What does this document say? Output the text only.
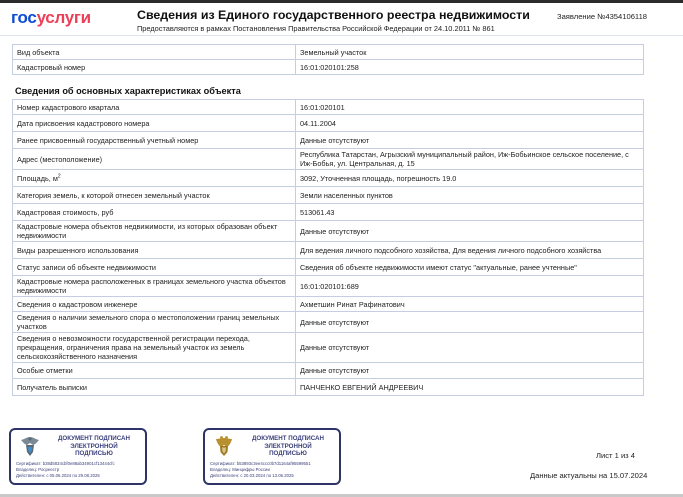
госуслуги	Сведения из Единого государственного реестра недвижимости
Предоставляются в рамках Постановления Правительства Российской Федерации от 24.10.2011 № 861
Заявление №4354106118
Вид объекта	Земельный участок
Кадастровый номер	16:01:020101:258
Сведения об основных характеристиках объекта
Номер кадастрового квартала	16:01:020101
Дата присвоения кадастрового номера	04.11.2004
Ранее присвоенный государственный учетный номер	Данные отсутствуют
Адрес (местоположение)	Республика Татарстан, Агрызский муниципальный район, Иж-Бобьинское сельское поселение, с Иж-Бобья, ул. Центральная, д. 15
Площадь, $м^2$	3092, Уточненная площадь, погрешность 19.0
Категория земель, к которой отнесен земельный участок	Земли населенных пунктов
Кадастровая стоимость, руб	513061.43
Кадастровые номера объектов недвижимости, из которых образован объект недвижимости	Данные отсутствуют
Виды разрешенного использования	Для ведения личного подсобного хозяйства, Для ведения личного подсобного хозяйства
Статус записи об объекте недвижимости	Сведения об объекте недвижимости имеют статус "актуальные, ранее учтенные"
Кадастровые номера расположенных в границах земельного участка объектов недвижимости	16:01:020101:689
Сведения о кадастровом инженере	Ахметшин Ринат Рафинатович
Сведения о наличии земельного спора о местоположении границ земельных участков	Данные отсутствуют
Сведения о невозможности государственной регистрации перехода, прекращения, ограничения права на земельный участок из земель сельскохозяйственного назначения	Данные отсутствуют
Особые отметки	Данные отсутствуют
Получатель выписки	ПАНЧЕНКО ЕВГЕНИЙ АНДРЕЕВИЧ
ДОКУМЕНТ ПОДПИСАН
ЭЛЕКТРОННОЙ
ПОДПИСЬЮ
Сертификат: b38d5834cbf0e88ab34901cf13444cfc
Владелец: Росреестр
Действителен: с 05.06.2024 по 29.08.2025
ДОКУМЕНТ ПОДПИСАН
ЭЛЕКТРОННОЙ
ПОДПИСЬЮ
Сертификат: b53893c3ee4ccc0b7d1164af95599551
Владелец: Минцифры России
Действителен: с 20.03.2024 по 13.06.2025
Лист 1 из 4
Данные актуальны на 15.07.2024
